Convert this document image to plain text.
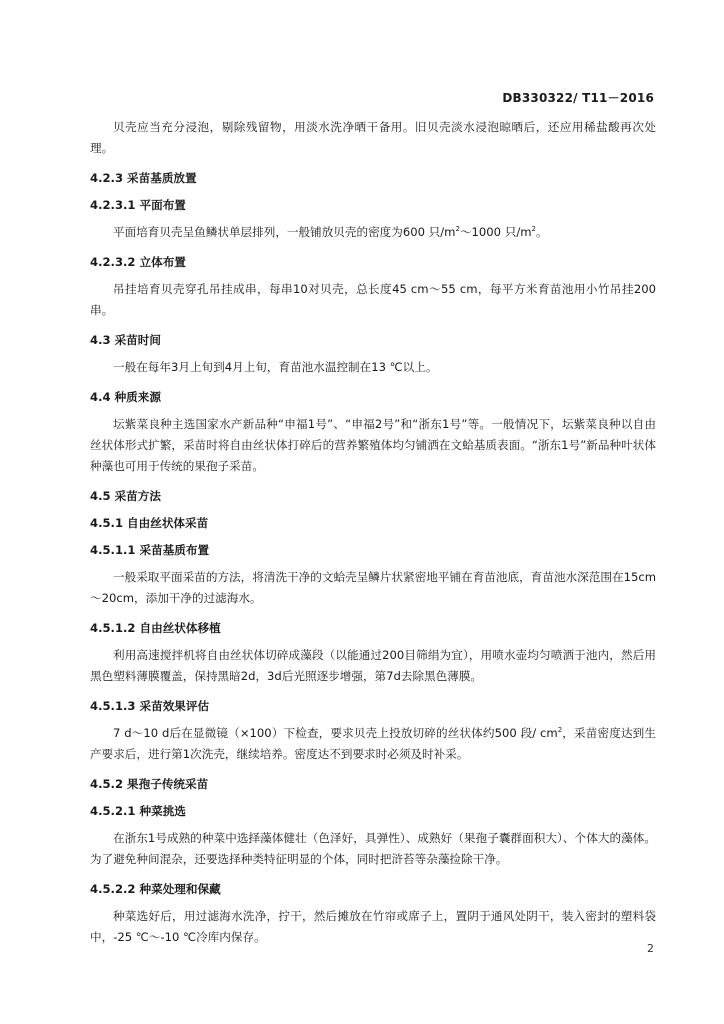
DB330322/ T11－2016

贝壳应当充分浸泡，剔除残留物，用淡水洗净晒干备用。旧贝壳淡水浸泡晾晒后，还应用稀盐酸再次处理。

4.2.3 采苗基质放置

4.2.3.1 平面布置

平面培育贝壳呈鱼鳞状单层排列，一般铺放贝壳的密度为600 只$/m^2\sim 1000$ 只$/m^2$。

4.2.3.2 立体布置

吊挂培育贝壳穿孔吊挂成串，每串10对贝壳，总长度45 cm～55 cm，每平方米育苗池用小竹吊挂200串。

4.3 采苗时间

一般在每年3月上旬到4月上旬，育苗池水温控制在13 ℃以上。

4.4 种质来源

坛紫菜良种主选国家水产新品种“申福1号”、“申福2号”和“浙东1号”等。一般情况下，坛紫菜良种以自由丝状体形式扩繁，采苗时将自由丝状体打碎后的营养繁殖体均匀铺洒在文蛤基质表面。“浙东1号”新品种叶状体种藻也可用于传统的果孢子采苗。

4.5 采苗方法

4.5.1 自由丝状体采苗

4.5.1.1 采苗基质布置

一般采取平面采苗的方法，将清洗干净的文蛤壳呈鳞片状紧密地平铺在育苗池底，育苗池水深范围在15cm～20cm，添加干净的过滤海水。

4.5.1.2 自由丝状体移植

利用高速搅拌机将自由丝状体切碎成藻段（以能通过200目筛绢为宜），用喷水壶均匀喷洒于池内，然后用黑色塑料薄膜覆盖，保持黑暗2d，3d后光照逐步增强，第7d去除黑色薄膜。

4.5.1.3 采苗效果评估

7 d～10 d后在显微镜（×100）下检查，要求贝壳上投放切碎的丝状体约500 段/ $cm^2$，采苗密度达到生产要求后，进行第1次洗壳，继续培养。密度达不到要求时必须及时补采。

4.5.2 果孢子传统采苗

4.5.2.1 种菜挑选

在浙东1号成熟的种菜中选择藻体健壮（色泽好，具弹性）、成熟好（果孢子囊群面积大）、个体大的藻体。为了避免种间混杂，还要选择种类特征明显的个体，同时把浒苔等杂藻捡除干净。

4.5.2.2 种菜处理和保藏

种菜选好后，用过滤海水洗净，拧干，然后摊放在竹帘或席子上，置阴于通风处阴干，装入密封的塑料袋中，-25 ℃～-10 ℃冷库内保存。

2
